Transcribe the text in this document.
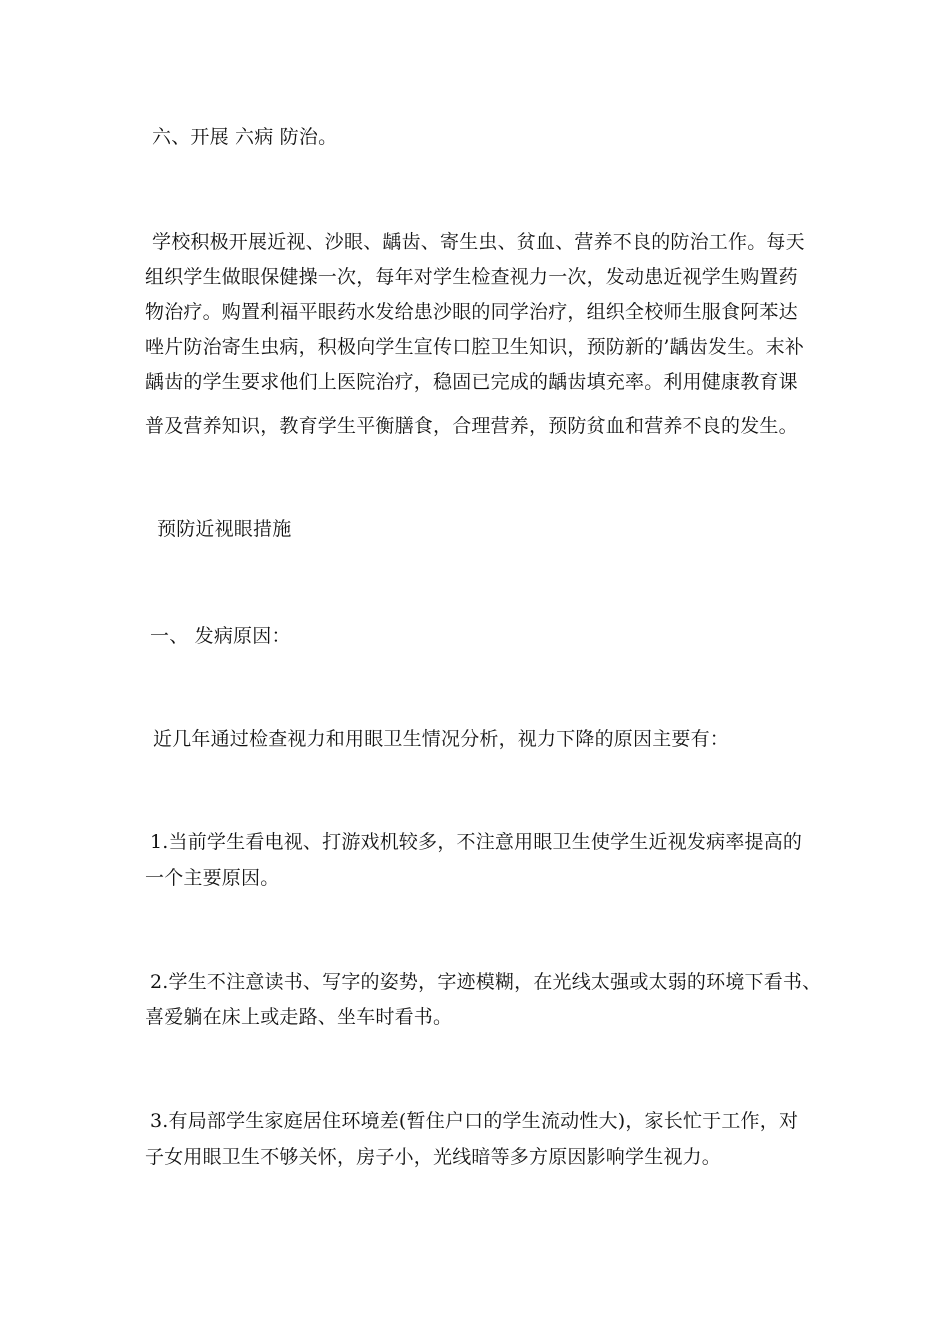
六、开展 六病 防治。
学校积极开展近视、沙眼、龋齿、寄生虫、贫血、营养不良的防治工作。每天
组织学生做眼保健操一次，每年对学生检查视力一次，发动患近视学生购置药
物治疗。购置利福平眼药水发给患沙眼的同学治疗，组织全校师生服食阿苯达
唑片防治寄生虫病，积极向学生宣传口腔卫生知识，预防新的’龋齿发生。末补
龋齿的学生要求他们上医院治疗，稳固已完成的龋齿填充率。利用健康教育课
普及营养知识，教育学生平衡膳食，合理营养，预防贫血和营养不良的发生。
预防近视眼措施
一、 发病原因：
近几年通过检查视力和用眼卫生情况分析，视力下降的原因主要有：
1.当前学生看电视、打游戏机较多，不注意用眼卫生使学生近视发病率提高的
一个主要原因。
2.学生不注意读书、写字的姿势，字迹模糊，在光线太强或太弱的环境下看书、
喜爱躺在床上或走路、坐车时看书。
3.有局部学生家庭居住环境差(暂住户口的学生流动性大)，家长忙于工作，对
子女用眼卫生不够关怀，房子小，光线暗等多方原因影响学生视力。
